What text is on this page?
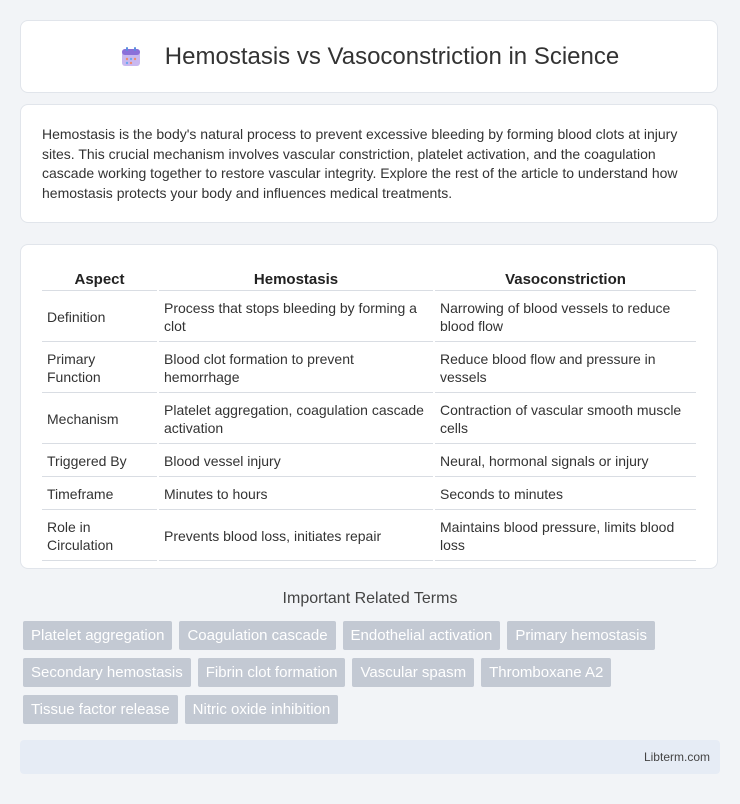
Hemostasis vs Vasoconstriction in Science

Hemostasis is the body's natural process to prevent excessive bleeding by forming blood clots at injury sites. This crucial mechanism involves vascular constriction, platelet activation, and the coagulation cascade working together to restore vascular integrity. Explore the rest of the article to understand how hemostasis protects your body and influences medical treatments.

Aspect	Hemostasis	Vasoconstriction
Definition	Process that stops bleeding by forming a clot	Narrowing of blood vessels to reduce blood flow
Primary Function	Blood clot formation to prevent hemorrhage	Reduce blood flow and pressure in vessels
Mechanism	Platelet aggregation, coagulation cascade activation	Contraction of vascular smooth muscle cells
Triggered By	Blood vessel injury	Neural, hormonal signals or injury
Timeframe	Minutes to hours	Seconds to minutes
Role in Circulation	Prevents blood loss, initiates repair	Maintains blood pressure, limits blood loss
Important Related Terms
Platelet aggregation	Coagulation cascade	Endothelial activation	Primary hemostasis
Secondary hemostasis	Fibrin clot formation	Vascular spasm	Thromboxane A2
Tissue factor release	Nitric oxide inhibition
Libterm.com
